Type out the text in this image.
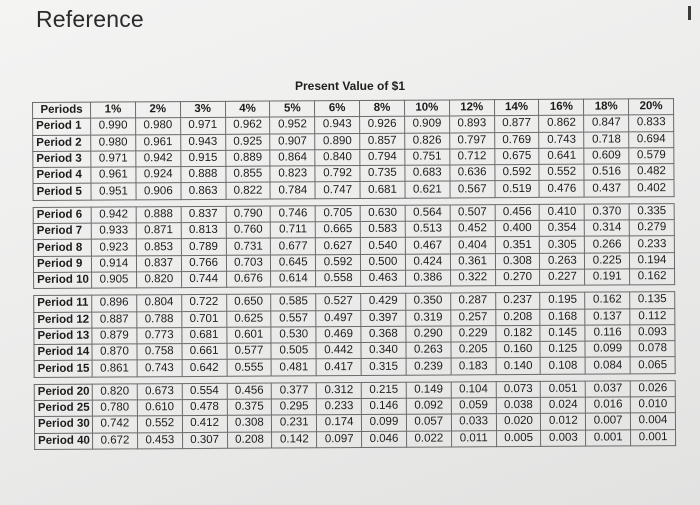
Reference
Present Value of $1
Periods	1%	2%	3%	4%	5%	6%	8%	10%	12%	14%	16%	18%	20%
Period 1	0.990	0.980	0.971	0.962	0.952	0.943	0.926	0.909	0.893	0.877	0.862	0.847	0.833
Period 2	0.980	0.961	0.943	0.925	0.907	0.890	0.857	0.826	0.797	0.769	0.743	0.718	0.694
Period 3	0.971	0.942	0.915	0.889	0.864	0.840	0.794	0.751	0.712	0.675	0.641	0.609	0.579
Period 4	0.961	0.924	0.888	0.855	0.823	0.792	0.735	0.683	0.636	0.592	0.552	0.516	0.482
Period 5	0.951	0.906	0.863	0.822	0.784	0.747	0.681	0.621	0.567	0.519	0.476	0.437	0.402

Period 6	0.942	0.888	0.837	0.790	0.746	0.705	0.630	0.564	0.507	0.456	0.410	0.370	0.335
Period 7	0.933	0.871	0.813	0.760	0.711	0.665	0.583	0.513	0.452	0.400	0.354	0.314	0.279
Period 8	0.923	0.853	0.789	0.731	0.677	0.627	0.540	0.467	0.404	0.351	0.305	0.266	0.233
Period 9	0.914	0.837	0.766	0.703	0.645	0.592	0.500	0.424	0.361	0.308	0.263	0.225	0.194
Period 10	0.905	0.820	0.744	0.676	0.614	0.558	0.463	0.386	0.322	0.270	0.227	0.191	0.162

Period 11	0.896	0.804	0.722	0.650	0.585	0.527	0.429	0.350	0.287	0.237	0.195	0.162	0.135
Period 12	0.887	0.788	0.701	0.625	0.557	0.497	0.397	0.319	0.257	0.208	0.168	0.137	0.112
Period 13	0.879	0.773	0.681	0.601	0.530	0.469	0.368	0.290	0.229	0.182	0.145	0.116	0.093
Period 14	0.870	0.758	0.661	0.577	0.505	0.442	0.340	0.263	0.205	0.160	0.125	0.099	0.078
Period 15	0.861	0.743	0.642	0.555	0.481	0.417	0.315	0.239	0.183	0.140	0.108	0.084	0.065

Period 20	0.820	0.673	0.554	0.456	0.377	0.312	0.215	0.149	0.104	0.073	0.051	0.037	0.026
Period 25	0.780	0.610	0.478	0.375	0.295	0.233	0.146	0.092	0.059	0.038	0.024	0.016	0.010
Period 30	0.742	0.552	0.412	0.308	0.231	0.174	0.099	0.057	0.033	0.020	0.012	0.007	0.004
Period 40	0.672	0.453	0.307	0.208	0.142	0.097	0.046	0.022	0.011	0.005	0.003	0.001	0.001
